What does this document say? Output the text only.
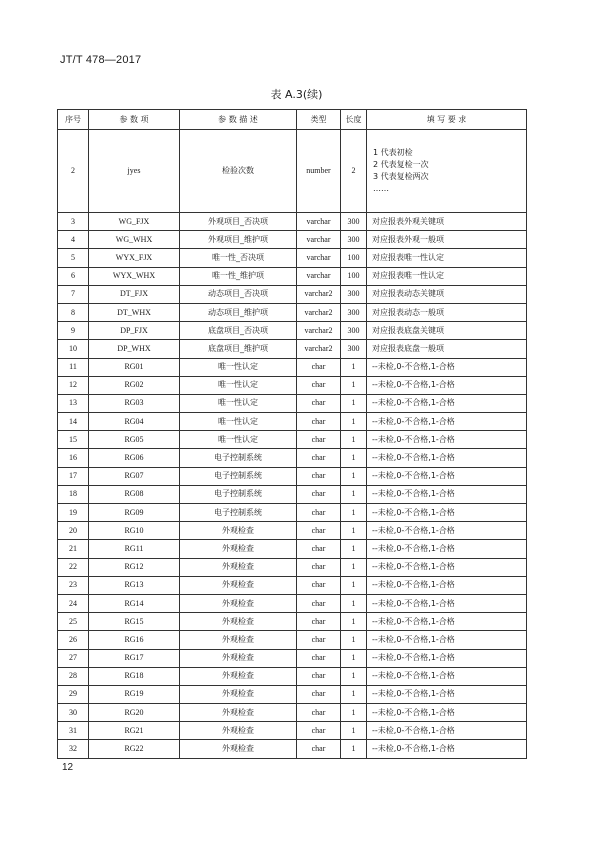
JT/T 478—2017
表 A.3(续)
序号	参 数 项	参 数 描 述	类型	长度	填 写 要 求
2	jyes	检验次数	number	2	1 代表初检
2 代表复检一次
3 代表复检两次
……

3	WG_FJX	外观项目_否决项	varchar	300	对应报表外观关键项
4	WG_WHX	外观项目_维护项	varchar	300	对应报表外观一般项
5	WYX_FJX	唯一性_否决项	varchar	100	对应报表唯一性认定
6	WYX_WHX	唯一性_维护项	varchar	100	对应报表唯一性认定
7	DT_FJX	动态项目_否决项	varchar2	300	对应报表动态关键项
8	DT_WHX	动态项目_维护项	varchar2	300	对应报表动态一般项
9	DP_FJX	底盘项目_否决项	varchar2	300	对应报表底盘关键项
10	DP_WHX	底盘项目_维护项	varchar2	300	对应报表底盘一般项
11	RG01	唯一性认定	char	1	--未检,0-不合格,1-合格
12	RG02	唯一性认定	char	1	--未检,0-不合格,1-合格
13	RG03	唯一性认定	char	1	--未检,0-不合格,1-合格
14	RG04	唯一性认定	char	1	--未检,0-不合格,1-合格
15	RG05	唯一性认定	char	1	--未检,0-不合格,1-合格
16	RG06	电子控制系统	char	1	--未检,0-不合格,1-合格
17	RG07	电子控制系统	char	1	--未检,0-不合格,1-合格
18	RG08	电子控制系统	char	1	--未检,0-不合格,1-合格
19	RG09	电子控制系统	char	1	--未检,0-不合格,1-合格
20	RG10	外观检查	char	1	--未检,0-不合格,1-合格
21	RG11	外观检查	char	1	--未检,0-不合格,1-合格
22	RG12	外观检查	char	1	--未检,0-不合格,1-合格
23	RG13	外观检查	char	1	--未检,0-不合格,1-合格
24	RG14	外观检查	char	1	--未检,0-不合格,1-合格
25	RG15	外观检查	char	1	--未检,0-不合格,1-合格
26	RG16	外观检查	char	1	--未检,0-不合格,1-合格
27	RG17	外观检查	char	1	--未检,0-不合格,1-合格
28	RG18	外观检查	char	1	--未检,0-不合格,1-合格
29	RG19	外观检查	char	1	--未检,0-不合格,1-合格
30	RG20	外观检查	char	1	--未检,0-不合格,1-合格
31	RG21	外观检查	char	1	--未检,0-不合格,1-合格
32	RG22	外观检查	char	1	--未检,0-不合格,1-合格
12
